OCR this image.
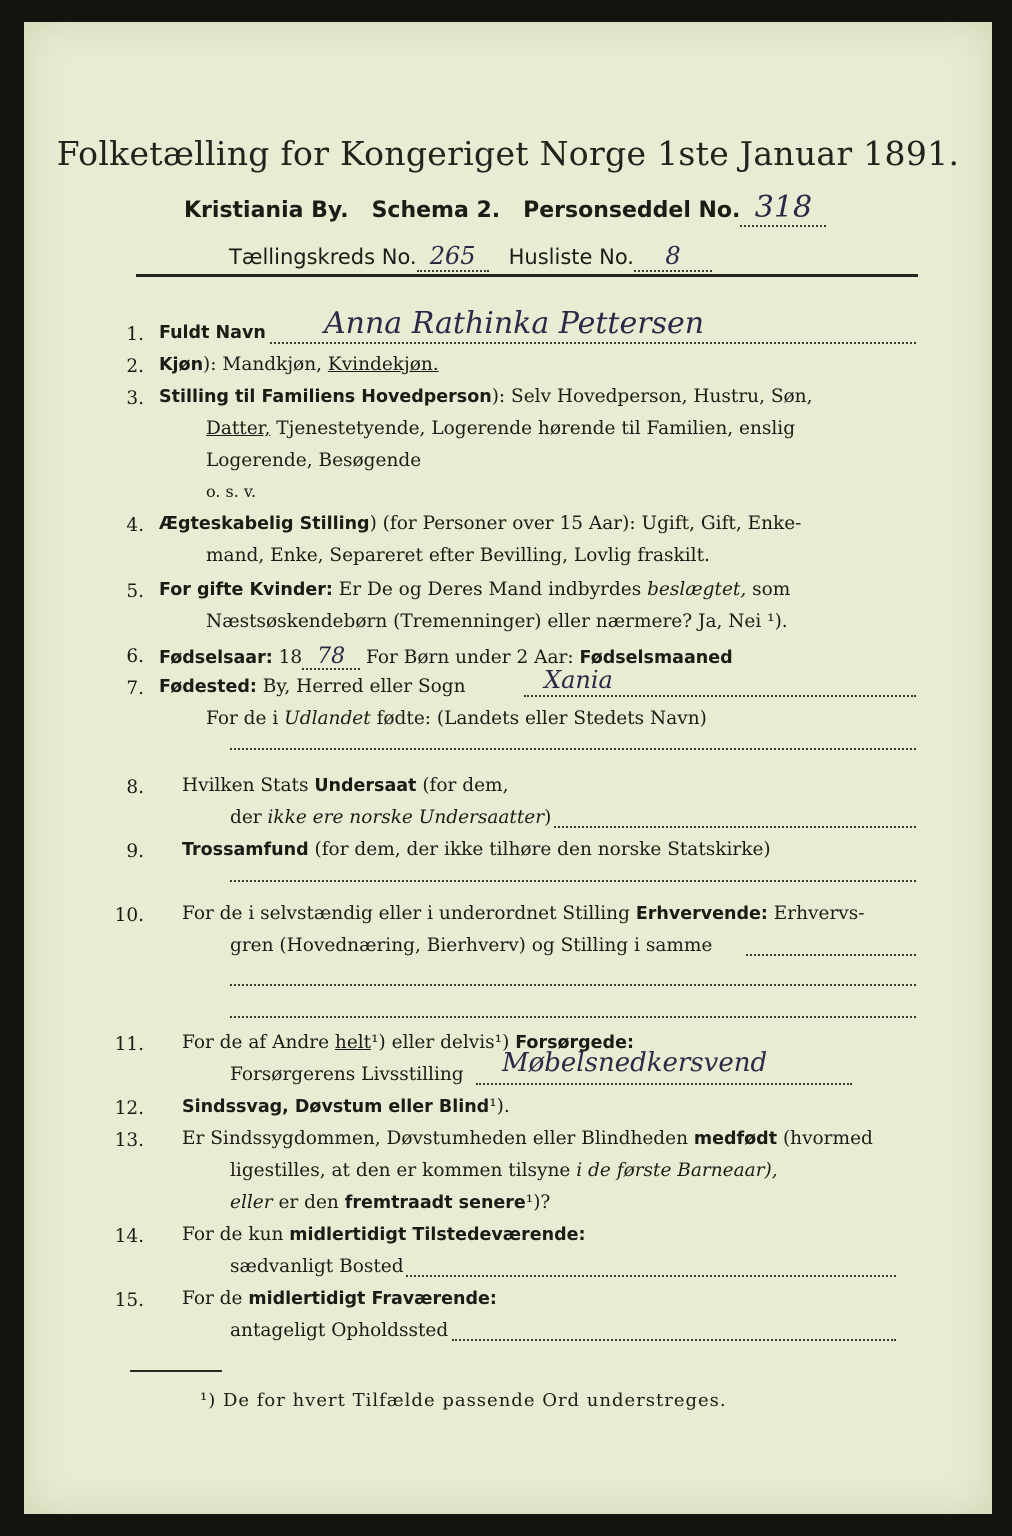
Folketælling for Kongeriget Norge 1ste Januar 1891.
Kristiania By. Schema 2. Personseddel No. 318
Tællingskreds No. 265 Husliste No. 8
1. Fuldt Navn Anna Rathinka Pettersen
2. Kjøn): Mandkjøn, Kvindekjøn.
3. Stilling til Familiens Hovedperson): Selv Hovedperson, Hustru, Søn,
Datter, Tjenestetyende, Logerende hørende til Familien, enslig
Logerende, Besøgende
o. s. v.
4. Ægteskabelig Stilling) (for Personer over 15 Aar): Ugift, Gift, Enke-
mand, Enke, Separeret efter Bevilling, Lovlig fraskilt.
5. For gifte Kvinder: Er De og Deres Mand indbyrdes beslægtet, som
Næstsøskendebørn (Tremenninger) eller nærmere? Ja, Nei ¹).
6. Fødselsaar: 18 78 For Børn under 2 Aar: Fødselsmaaned
7. Fødested: By, Herred eller Sogn	Xania
For de i Udlandet fødte: (Landets eller Stedets Navn)
8. Hvilken Stats Undersaat (for dem,
der ikke ere norske Undersaatter)
9. Trossamfund (for dem, der ikke tilhøre den norske Statskirke)
10. For de i selvstændig eller i underordnet Stilling Erhvervende: Erhvervs-
gren (Hovednæring, Bierhverv) og Stilling i samme
11. For de af Andre helt¹) eller delvis¹) Forsørgede:
Forsørgerens Livsstilling Møbelsnedkersvend
12. Sindssvag, Døvstum eller Blind¹).
13. Er Sindssygdommen, Døvstumheden eller Blindheden medfødt (hvormed
ligestilles, at den er kommen tilsyne i de første Barneaar),
eller er den fremtraadt senere¹)?
14. For de kun midlertidigt Tilstedeværende:
sædvanligt Bosted
15. For de midlertidigt Fraværende:
antageligt Opholdssted
¹) De for hvert Tilfælde passende Ord understreges.
